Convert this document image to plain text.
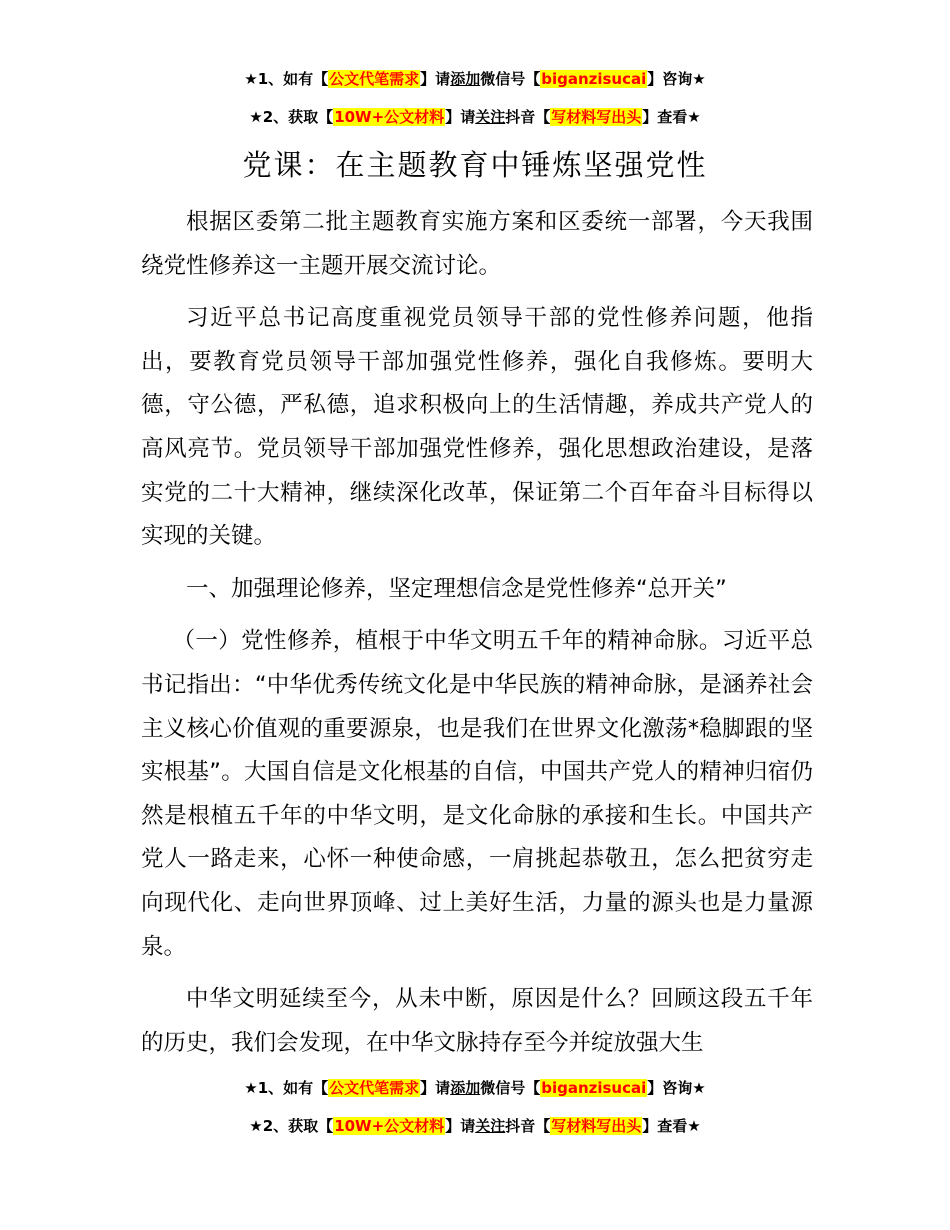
★1、如有【公文代笔需求】请添加微信号【biganzisucai】咨询★
★2、获取【10W+公文材料】请关注抖音【写材料写出头】查看★
党课：在主题教育中锤炼坚强党性

根据区委第二批主题教育实施方案和区委统一部署，今天我围绕党性修养这一主题开展交流讨论。

习近平总书记高度重视党员领导干部的党性修养问题，他指出，要教育党员领导干部加强党性修养，强化自我修炼。要明大德，守公德，严私德，追求积极向上的生活情趣，养成共产党人的高风亮节。党员领导干部加强党性修养，强化思想政治建设，是落实党的二十大精神，继续深化改革，保证第二个百年奋斗目标得以实现的关键。

一、加强理论修养，坚定理想信念是党性修养“总开关”

（一）党性修养，植根于中华文明五千年的精神命脉。习近平总书记指出：“中华优秀传统文化是中华民族的精神命脉，是涵养社会主义核心价值观的重要源泉，也是我们在世界文化激荡*稳脚跟的坚实根基”。大国自信是文化根基的自信，中国共产党人的精神归宿仍然是根植五千年的中华文明，是文化命脉的承接和生长。中国共产党人一路走来，心怀一种使命感，一肩挑起恭敬丑，怎么把贫穷走向现代化、走向世界顶峰、过上美好生活，力量的源头也是力量源泉。

中华文明延续至今，从未中断，原因是什么？回顾这段五千年的历史，我们会发现，在中华文脉持存至今并绽放强大生

★1、如有【公文代笔需求】请添加微信号【biganzisucai】咨询★
★2、获取【10W+公文材料】请关注抖音【写材料写出头】查看★
